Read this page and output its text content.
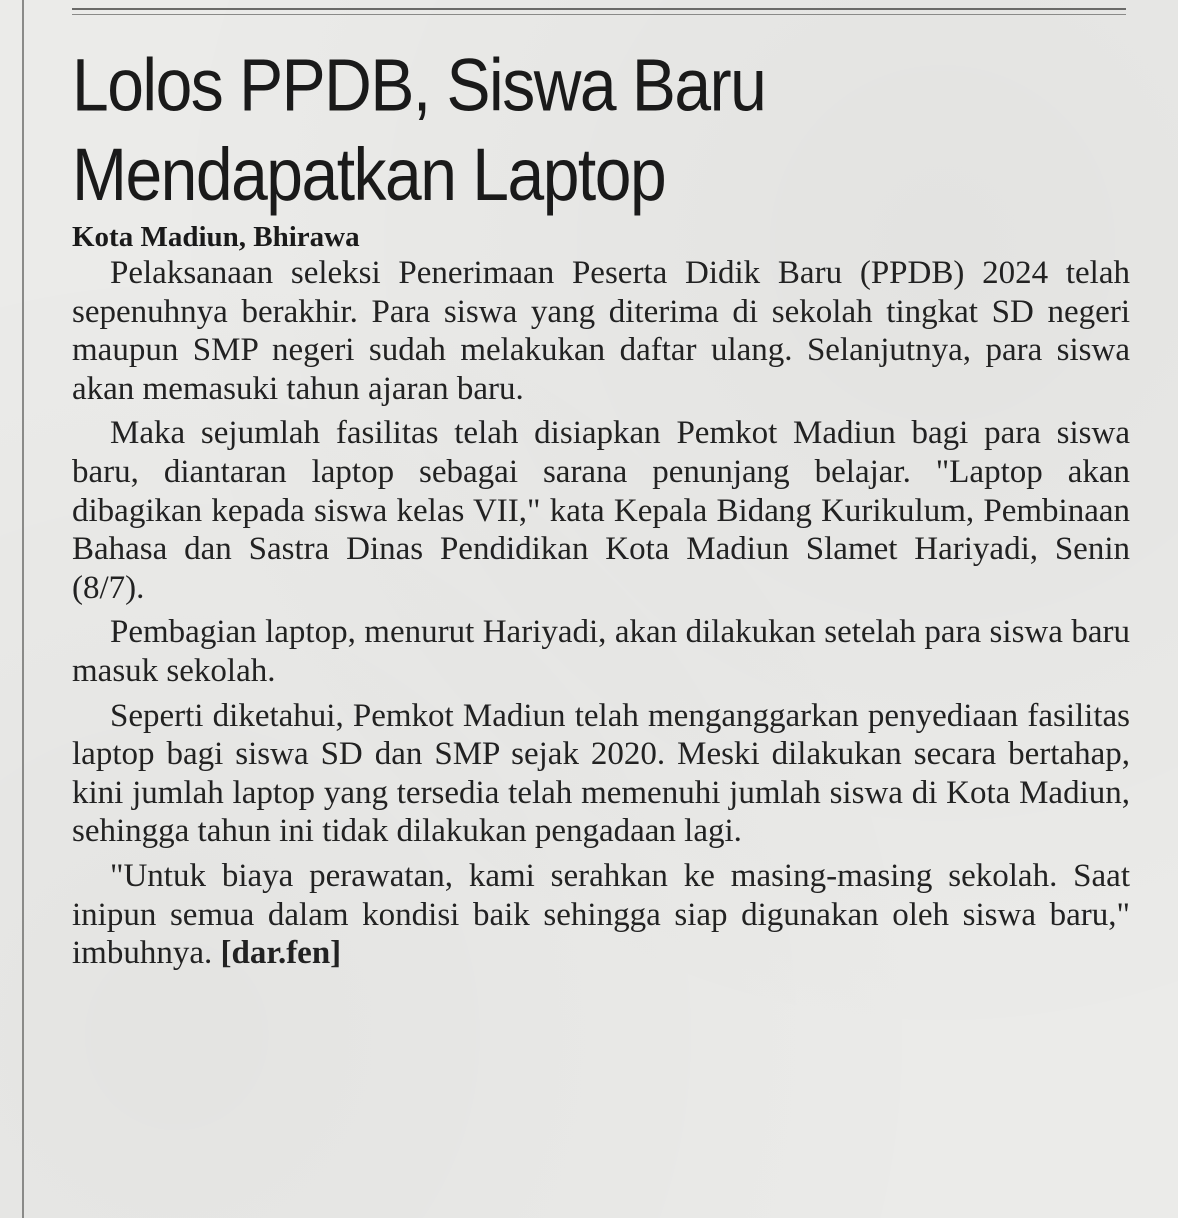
Lolos PPDB, Siswa Baru
Mendapatkan Laptop
Kota Madiun, Bhirawa

Pelaksanaan seleksi Penerimaan Peserta Didik Baru (PPDB) 2024 telah sepenuhnya berakhir. Para siswa yang diterima di sekolah tingkat SD negeri maupun SMP negeri sudah melakukan daftar ulang. Selanjutnya, para siswa akan memasuki tahun ajaran baru.

Maka sejumlah fasilitas telah disiapkan Pemkot Madiun bagi para siswa baru, diantaran laptop sebagai sarana penunjang belajar. "Laptop akan dibagikan kepada siswa kelas VII," kata Kepala Bidang Kurikulum, Pembinaan Bahasa dan Sastra Dinas Pendidikan Kota Madiun Slamet Hariyadi, Senin (8/7).

Pembagian laptop, menurut Hariyadi, akan dilakukan setelah para siswa baru masuk sekolah.

Seperti diketahui, Pemkot Madiun telah menganggarkan penyediaan fasilitas laptop bagi siswa SD dan SMP sejak 2020. Meski dilakukan secara bertahap, kini jumlah laptop yang tersedia telah memenuhi jumlah siswa di Kota Madiun, sehingga tahun ini tidak dilakukan pengadaan lagi.

"Untuk biaya perawatan, kami serahkan ke masing-masing sekolah. Saat inipun semua dalam kondisi baik sehingga siap digunakan oleh siswa baru," imbuhnya. [dar.fen]
